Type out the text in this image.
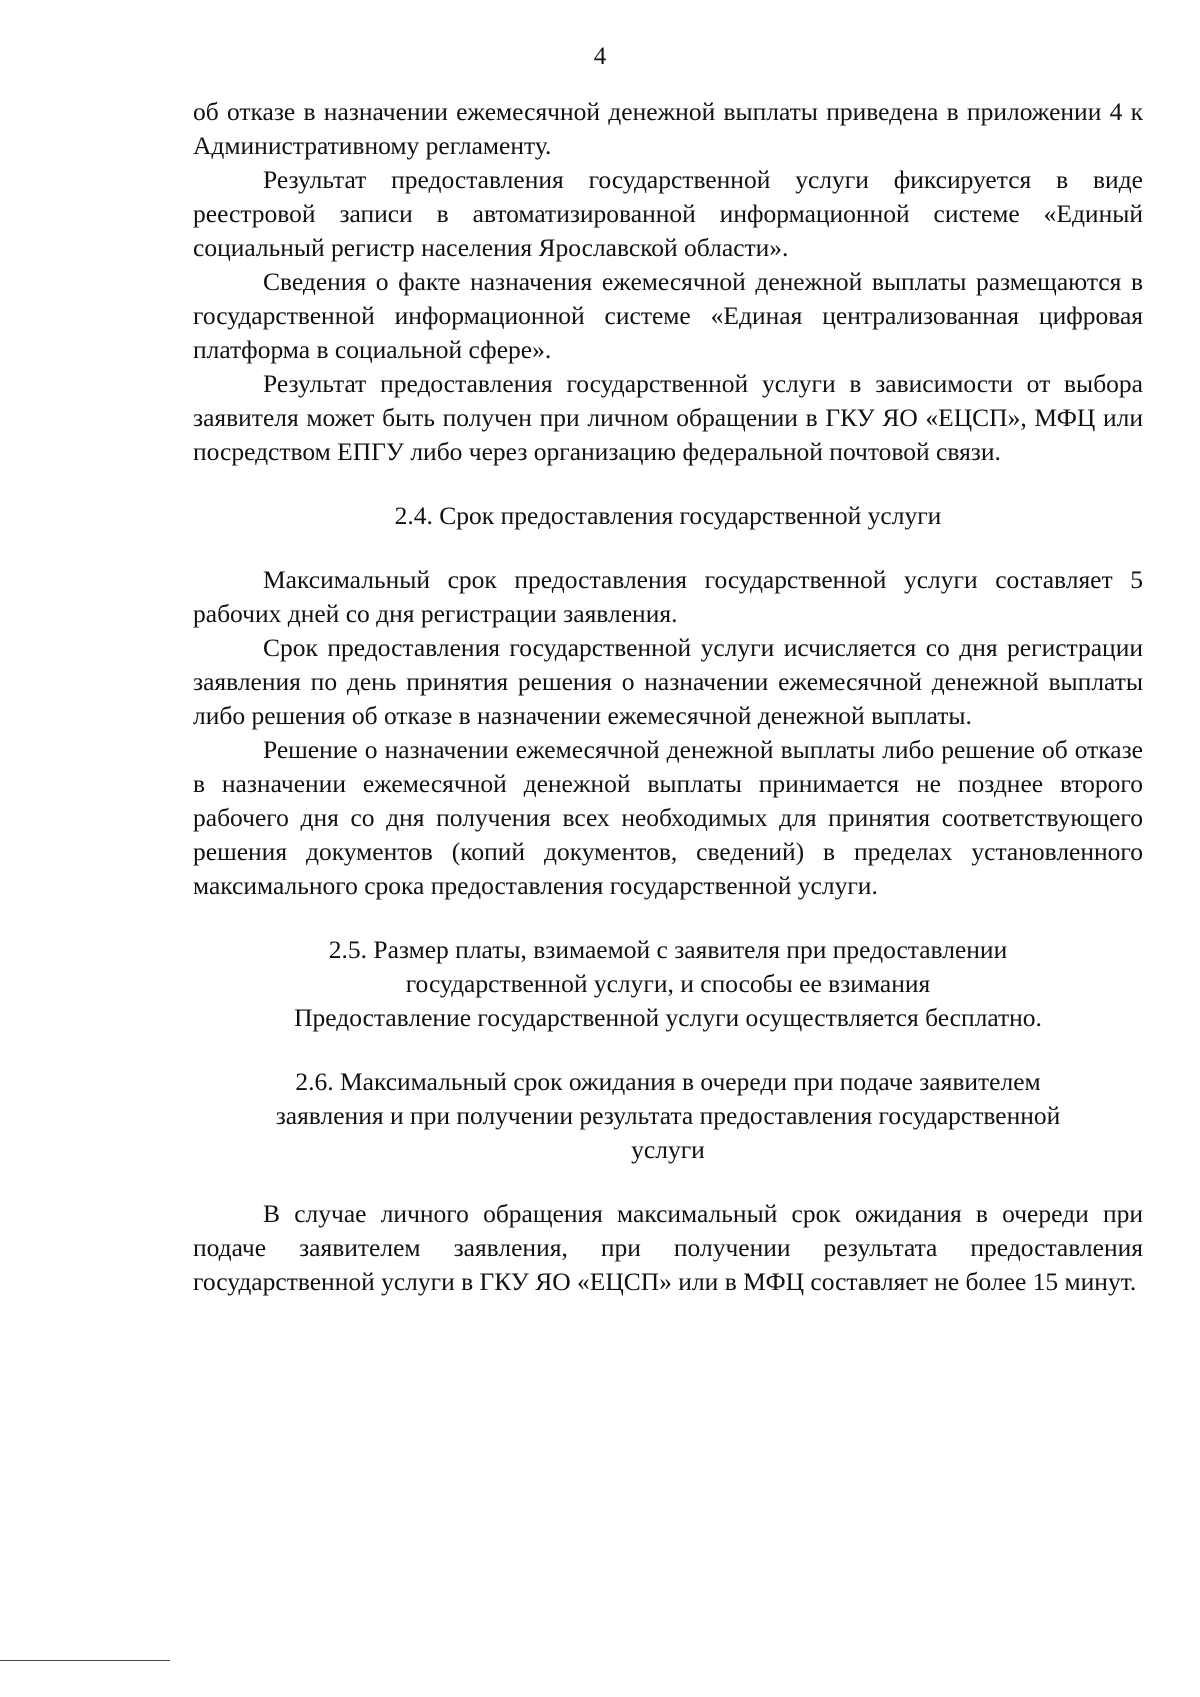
4

об отказе в назначении ежемесячной денежной выплаты приведена в приложении 4 к Административному регламенту.

Результат предоставления государственной услуги фиксируется в виде реестровой записи в автоматизированной информационной системе «Единый социальный регистр населения Ярославской области».

Сведения о факте назначения ежемесячной денежной выплаты размещаются в государственной информационной системе «Единая централизованная цифровая платформа в социальной сфере».

Результат предоставления государственной услуги в зависимости от выбора заявителя может быть получен при личном обращении в ГКУ ЯО «ЕЦСП», МФЦ или посредством ЕПГУ либо через организацию федеральной почтовой связи.

2.4. Срок предоставления государственной услуги

Максимальный срок предоставления государственной услуги составляет 5 рабочих дней со дня регистрации заявления.

Срок предоставления государственной услуги исчисляется со дня регистрации заявления по день принятия решения о назначении ежемесячной денежной выплаты либо решения об отказе в назначении ежемесячной денежной выплаты.

Решение о назначении ежемесячной денежной выплаты либо решение об отказе в назначении ежемесячной денежной выплаты принимается не позднее второго рабочего дня со дня получения всех необходимых для принятия соответствующего решения документов (копий документов, сведений) в пределах установленного максимального срока предоставления государственной услуги.

2.5. Размер платы, взимаемой с заявителя при предоставлении

государственной услуги, и способы ее взимания

Предоставление государственной услуги осуществляется бесплатно.

2.6. Максимальный срок ожидания в очереди при подаче заявителем

заявления и при получении результата предоставления государственной

услуги

В случае личного обращения максимальный срок ожидания в очереди при подаче заявителем заявления, при получении результата предоставления государственной услуги в ГКУ ЯО «ЕЦСП» или в МФЦ составляет не более 15 минут.
